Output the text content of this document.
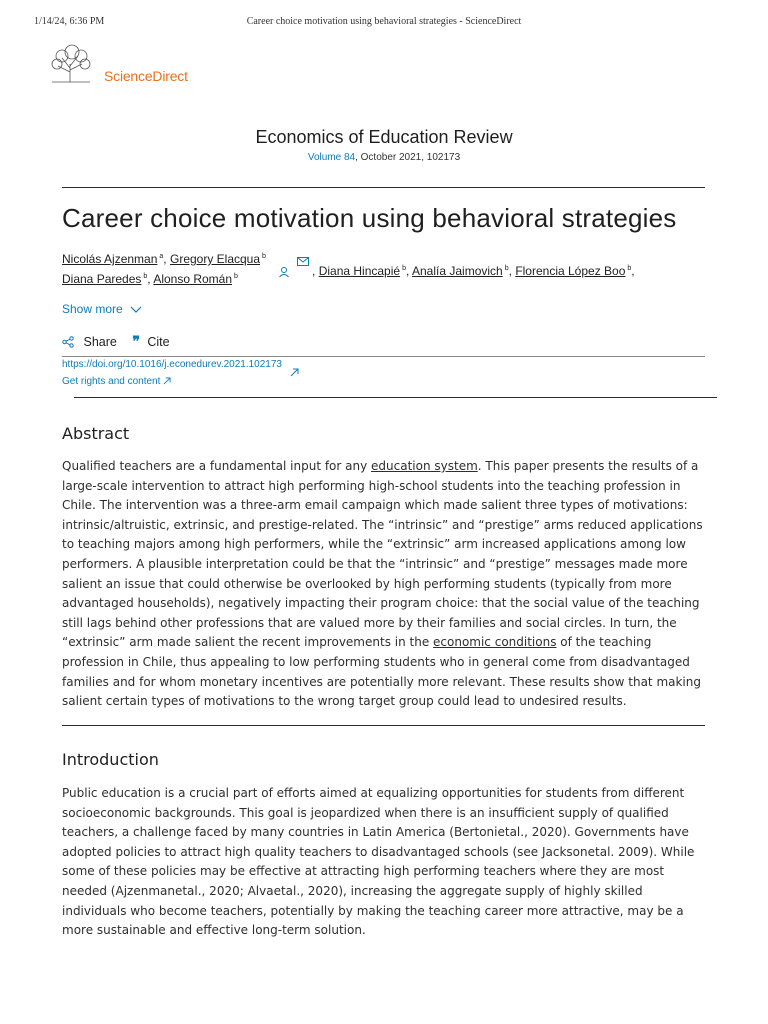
1/14/24, 6:36 PM	Career choice motivation using behavioral strategies - ScienceDirect
ScienceDirect
Economics of Education Review
Volume 84, October 2021, 102173
Career choice motivation using behavioral strategies
Nicolás Ajzenman $^a$, Gregory Elacqua $^b$
, Diana Hincapié $^b$, Analía Jaimovich $^b$, Florencia López Boo $^b$,
Diana Paredes $^b$, Alonso Román $^b$
Show more
Share ❞ Cite
https://doi.org/10.1016/j.econedurev.2021.102173
Get rights and content
Abstract

Qualified teachers are a fundamental input for any education system. This paper presents the results of a large-scale intervention to attract high performing high-school students into the teaching profession in Chile. The intervention was a three-arm email campaign which made salient three types of motivations: intrinsic/altruistic, extrinsic, and prestige-related. The “intrinsic” and “prestige” arms reduced applications to teaching majors among high performers, while the “extrinsic” arm increased applications among low performers. A plausible interpretation could be that the “intrinsic” and “prestige” messages made more salient an issue that could otherwise be overlooked by high performing students (typically from more advantaged households), negatively impacting their program choice: that the social value of the teaching still lags behind other professions that are valued more by their families and social circles. In turn, the “extrinsic” arm made salient the recent improvements in the economic conditions of the teaching profession in Chile, thus appealing to low performing students who in general come from disadvantaged families and for whom monetary incentives are potentially more relevant. These results show that making salient certain types of motivations to the wrong target group could lead to undesired results.

Introduction

Public education is a crucial part of efforts aimed at equalizing opportunities for students from different socioeconomic backgrounds. This goal is jeopardized when there is an insufficient supply of qualified teachers, a challenge faced by many countries in Latin America (Bertonietal., 2020). Governments have adopted policies to attract high quality teachers to disadvantaged schools (see Jacksonetal. 2009). While some of these policies may be effective at attracting high performing teachers where they are most needed (Ajzenmanetal., 2020; Alvaetal., 2020), increasing the aggregate supply of highly skilled individuals who become teachers, potentially by making the teaching career more attractive, may be a more sustainable and effective long-term solution.
